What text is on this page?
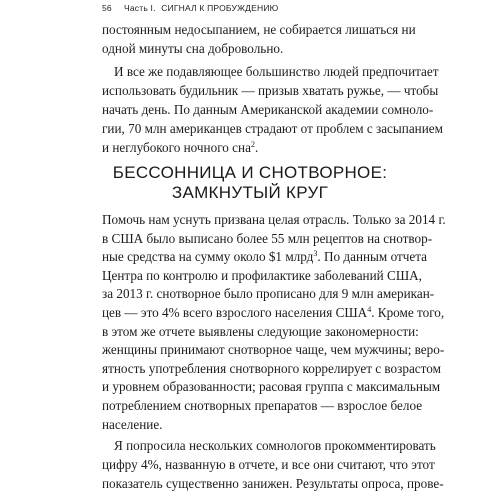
56 Часть I. СИГНАЛ К ПРОБУЖДЕНИЮ
постоянным недосыпанием, не собирается лишаться ни
одной минуты сна добровольно.
И все же подавляющее большинство людей предпочитает
использовать будильник — призыв хватать ружье, — чтобы
начать день. По данным Американской академии сомноло-
гии, 70 млн американцев страдают от проблем с засыпанием
и неглубокого ночного сна$^2$.
БЕССОННИЦА И СНОТВОРНОЕ:
ЗАМКНУТЫЙ КРУГ
Помочь нам уснуть призвана целая отрасль. Только за 2014 г.
в США было выписано более 55 млн рецептов на снотвор-
ные средства на сумму около $1 млрд$^3$. По данным отчета
Центра по контролю и профилактике заболеваний США,
за 2013 г. снотворное было прописано для 9 млн американ-
цев — это 4% всего взрослого населения США$^4$. Кроме того,
в этом же отчете выявлены следующие закономерности:
женщины принимают снотворное чаще, чем мужчины; веро-
ятность употребления снотворного коррелирует с возрастом
и уровнем образованности; расовая группа с максимальным
потреблением снотворных препаратов — взрослое белое
население.
Я попросила нескольких сомнологов прокомментировать
цифру 4%, названную в отчете, и все они считают, что этот
показатель существенно занижен. Результаты опроса, прове-
